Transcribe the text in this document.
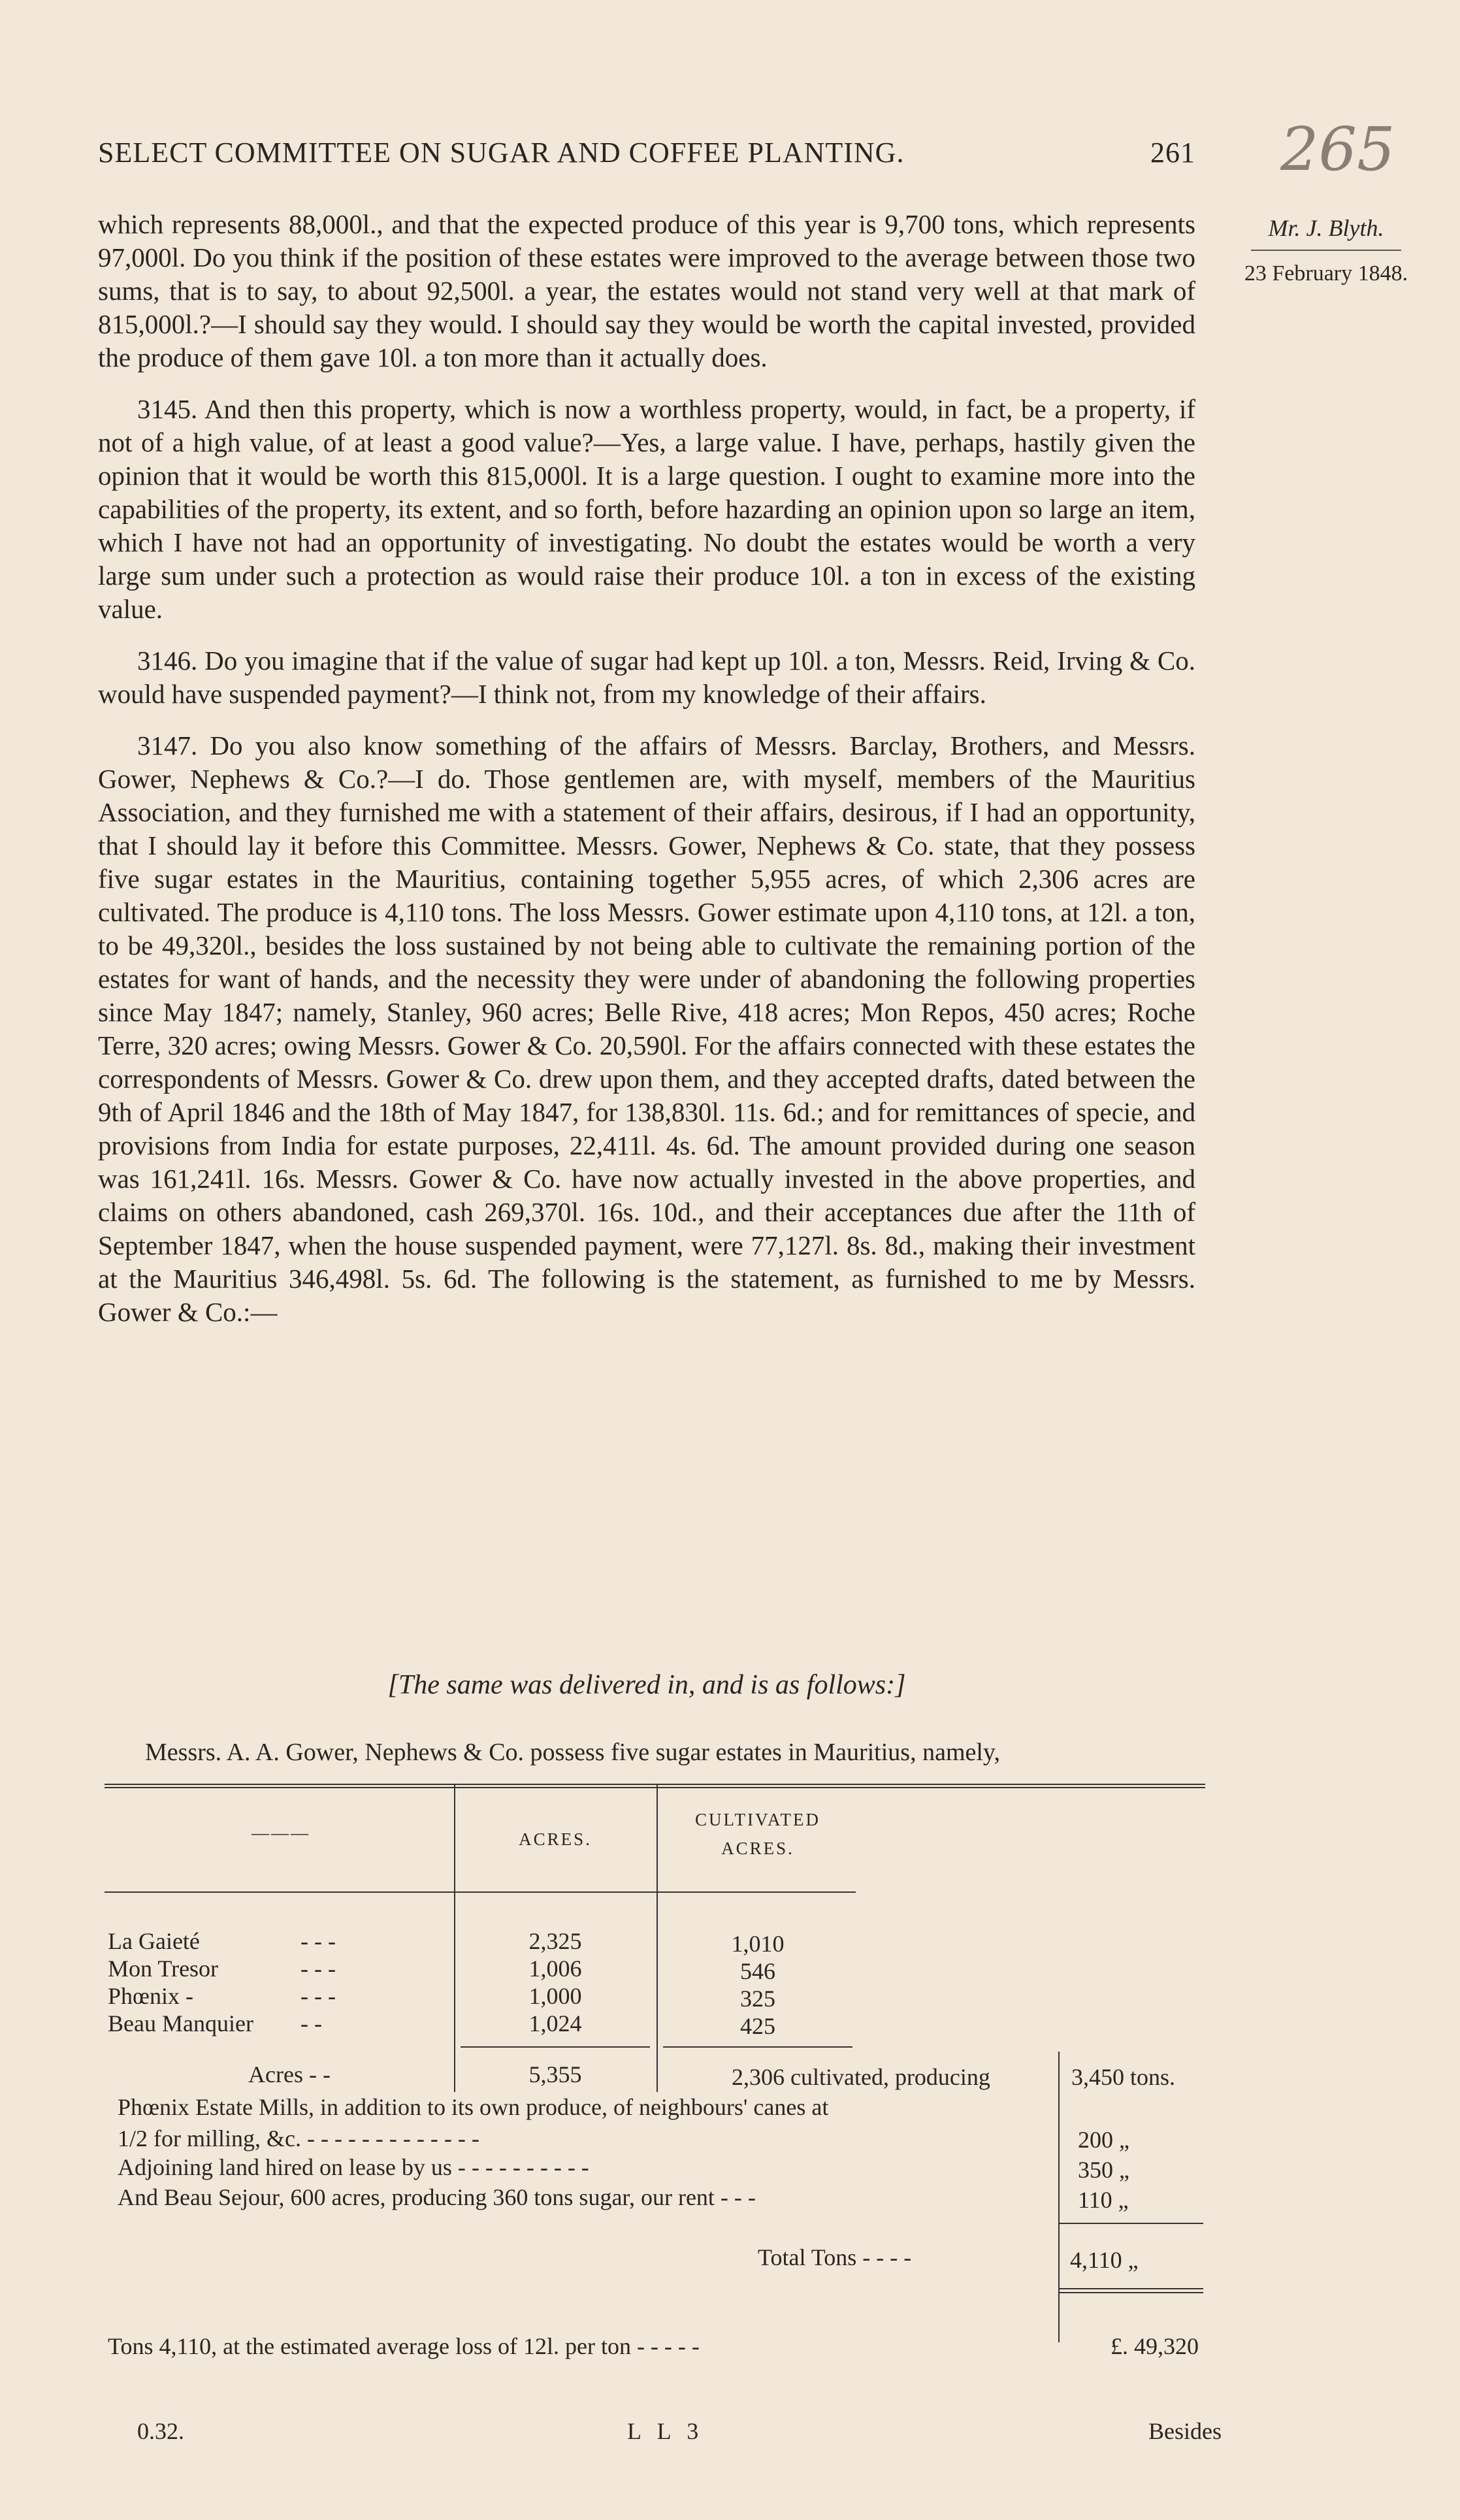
SELECT COMMITTEE ON SUGAR AND COFFEE PLANTING.	261 265
Mr. J. Blyth.
23 February 1848.

which represents 88,000l., and that the expected produce of this year is 9,700 tons, which represents 97,000l. Do you think if the position of these estates were improved to the average between those two sums, that is to say, to about 92,500l. a year, the estates would not stand very well at that mark of 815,000l.?—I should say they would. I should say they would be worth the capital invested, provided the produce of them gave 10l. a ton more than it actually does.

3145. And then this property, which is now a worthless property, would, in fact, be a property, if not of a high value, of at least a good value?—Yes, a large value. I have, perhaps, hastily given the opinion that it would be worth this 815,000l. It is a large question. I ought to examine more into the capabilities of the property, its extent, and so forth, before hazarding an opinion upon so large an item, which I have not had an opportunity of investigating. No doubt the estates would be worth a very large sum under such a protection as would raise their produce 10l. a ton in excess of the existing value.

3146. Do you imagine that if the value of sugar had kept up 10l. a ton, Messrs. Reid, Irving & Co. would have suspended payment?—I think not, from my knowledge of their affairs.

3147. Do you also know something of the affairs of Messrs. Barclay, Brothers, and Messrs. Gower, Nephews & Co.?—I do. Those gentlemen are, with myself, members of the Mauritius Association, and they furnished me with a statement of their affairs, desirous, if I had an opportunity, that I should lay it before this Committee. Messrs. Gower, Nephews & Co. state, that they possess five sugar estates in the Mauritius, containing together 5,955 acres, of which 2,306 acres are cultivated. The produce is 4,110 tons. The loss Messrs. Gower estimate upon 4,110 tons, at 12l. a ton, to be 49,320l., besides the loss sustained by not being able to cultivate the remaining portion of the estates for want of hands, and the necessity they were under of abandoning the following properties since May 1847; namely, Stanley, 960 acres; Belle Rive, 418 acres; Mon Repos, 450 acres; Roche Terre, 320 acres; owing Messrs. Gower & Co. 20,590l. For the affairs connected with these estates the correspondents of Messrs. Gower & Co. drew upon them, and they accepted drafts, dated between the 9th of April 1846 and the 18th of May 1847, for 138,830l. 11s. 6d.; and for remittances of specie, and provisions from India for estate purposes, 22,411l. 4s. 6d. The amount provided during one season was 161,241l. 16s. Messrs. Gower & Co. have now actually invested in the above properties, and claims on others abandoned, cash 269,370l. 16s. 10d., and their acceptances due after the 11th of September 1847, when the house suspended payment, were 77,127l. 8s. 8d., making their investment at the Mauritius 346,498l. 5s. 6d. The following is the statement, as furnished to me by Messrs. Gower & Co.:—

[The same was delivered in, and is as follows:]
Messrs. A. A. Gower, Nephews & Co. possess five sugar estates in Mauritius, namely,
———	ACRES.
CULTIVATED
ACRES.
La Gaieté	- - -	2,325	1,010
Mon Tresor	- - -	1,006	546
Phœnix -	- - -	1,000	325
Beau Manquier - -	1,024	425
Acres - -	5,355	2,306 cultivated, producing	3,450 tons.
Phœnix Estate Mills, in addition to its own produce, of neighbours' canes at
1/2 for milling, &c. - - - - - - - - - - - - -	200 „
Adjoining land hired on lease by us - - - - - - - - - -	350 „
And Beau Sejour, 600 acres, producing 360 tons sugar, our rent - - -	110 „
Total Tons - - - -	4,110 „
Tons 4,110, at the estimated average loss of 12l. per ton - - - - -	£. 49,320
0.32.	L L 3	Besides
